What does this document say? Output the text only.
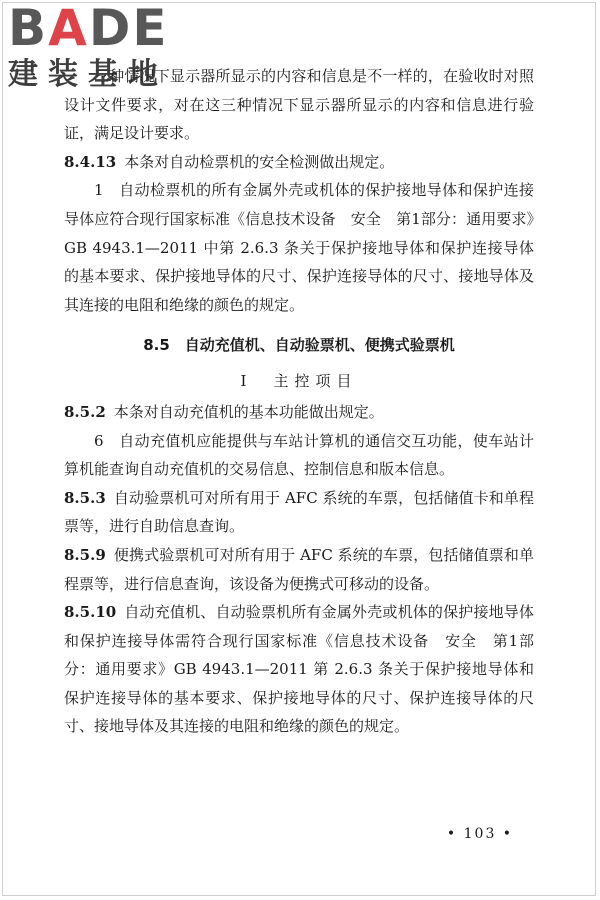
BADE
建装基地

三种情况下显示器所显示的内容和信息是不一样的，在验收时对照设计文件要求，对在这三种情况下显示器所显示的内容和信息进行验证，满足设计要求。

8.4.13 本条对自动检票机的安全检测做出规定。

1　自动检票机的所有金属外壳或机体的保护接地导体和保护连接导体应符合现行国家标准《信息技术设备　安全　第1部分：通用要求》GB 4943.1—2011 中第 2.6.3 条关于保护接地导体和保护连接导体的基本要求、保护接地导体的尺寸、保护连接导体的尺寸、接地导体及其连接的电阻和绝缘的颜色的规定。

8.5　自动充值机、自动验票机、便携式验票机

Ⅰ　主控项目

8.5.2 本条对自动充值机的基本功能做出规定。

6　自动充值机应能提供与车站计算机的通信交互功能，使车站计算机能查询自动充值机的交易信息、控制信息和版本信息。

8.5.3 自动验票机可对所有用于 AFC 系统的车票，包括储值卡和单程票等，进行自助信息查询。

8.5.9 便携式验票机可对所有用于 AFC 系统的车票，包括储值票和单程票等，进行信息查询，该设备为便携式可移动的设备。

8.5.10 自动充值机、自动验票机所有金属外壳或机体的保护接地导体和保护连接导体需符合现行国家标准《信息技术设备　安全　第1部分：通用要求》GB 4943.1—2011 第 2.6.3 条关于保护接地导体和保护连接导体的基本要求、保护接地导体的尺寸、保护连接导体的尺寸、接地导体及其连接的电阻和绝缘的颜色的规定。

• 103 •
